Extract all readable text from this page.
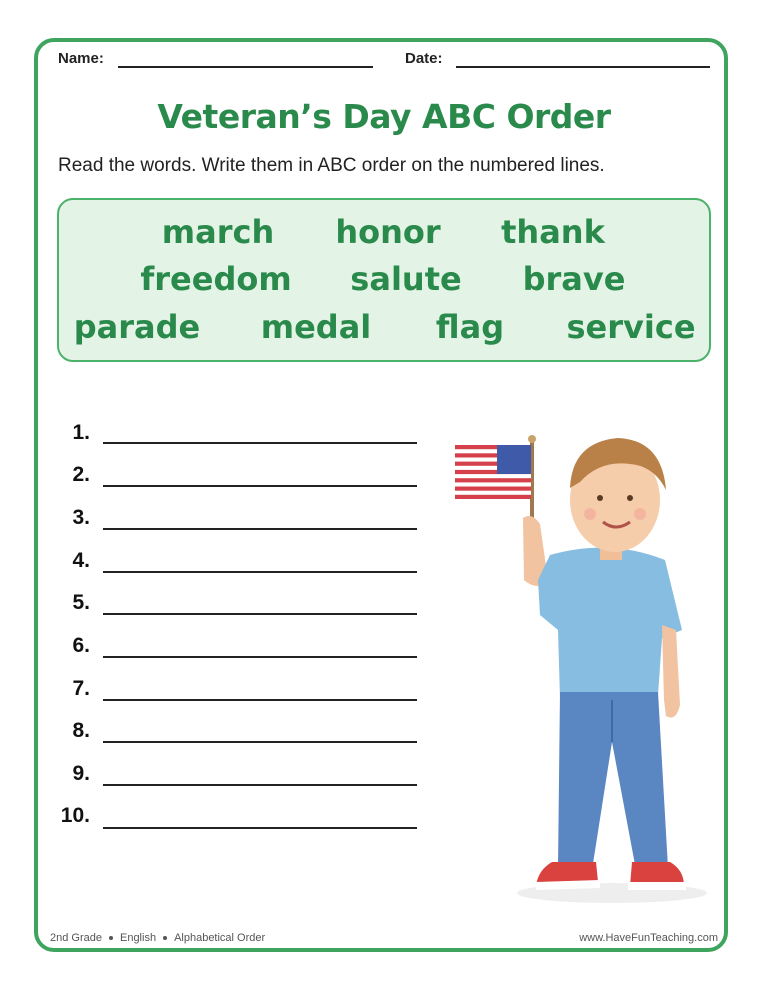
Name:	Date:
Veteran’s Day ABC Order
Read the words. Write them in ABC order on the numbered lines.
march honor thank
freedom salute brave
parade medal flag service
1.
2.
3.
4.
5.
6.
7.
8.
9.
10.
2nd Grade English Alphabetical Order	www.HaveFunTeaching.com
